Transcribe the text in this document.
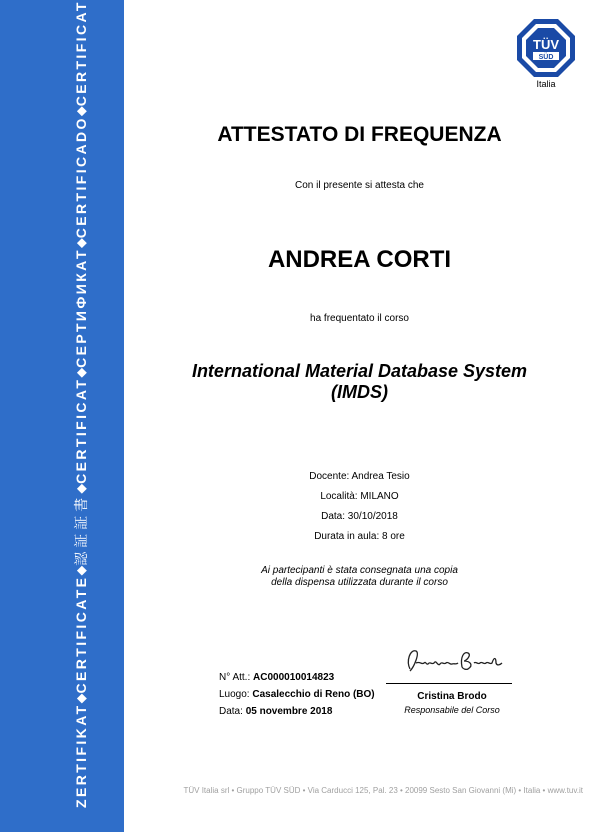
ZERTIFIKAT
◆
CERTIFICATE
◆
認証証書
◆
CERTIFICAT
◆
СЕРТИФИКАТ
◆
CERTIFICADO
◆
CERTIFICAT	TÜV
SÜD
Italia
ATTESTATO DI FREQUENZA
Con il presente si attesta che
ANDREA CORTI
ha frequentato il corso
International Material Database System
(IMDS)
Docente: Andrea Tesio
Località: MILANO
Data: 30/10/2018
Durata in aula: 8 ore
Ai partecipanti è stata consegnata una copia
della dispensa utilizzata durante il corso
N° Att.: AC000010014823
Luogo: Casalecchio di Reno (BO)
Data: 05 novembre 2018
Cristina Brodo
Responsabile del Corso
TÜV Italia srl • Gruppo TÜV SÜD • Via Carducci 125, Pal. 23 • 20099 Sesto San Giovanni (Mi) • Italia • www.tuv.it
